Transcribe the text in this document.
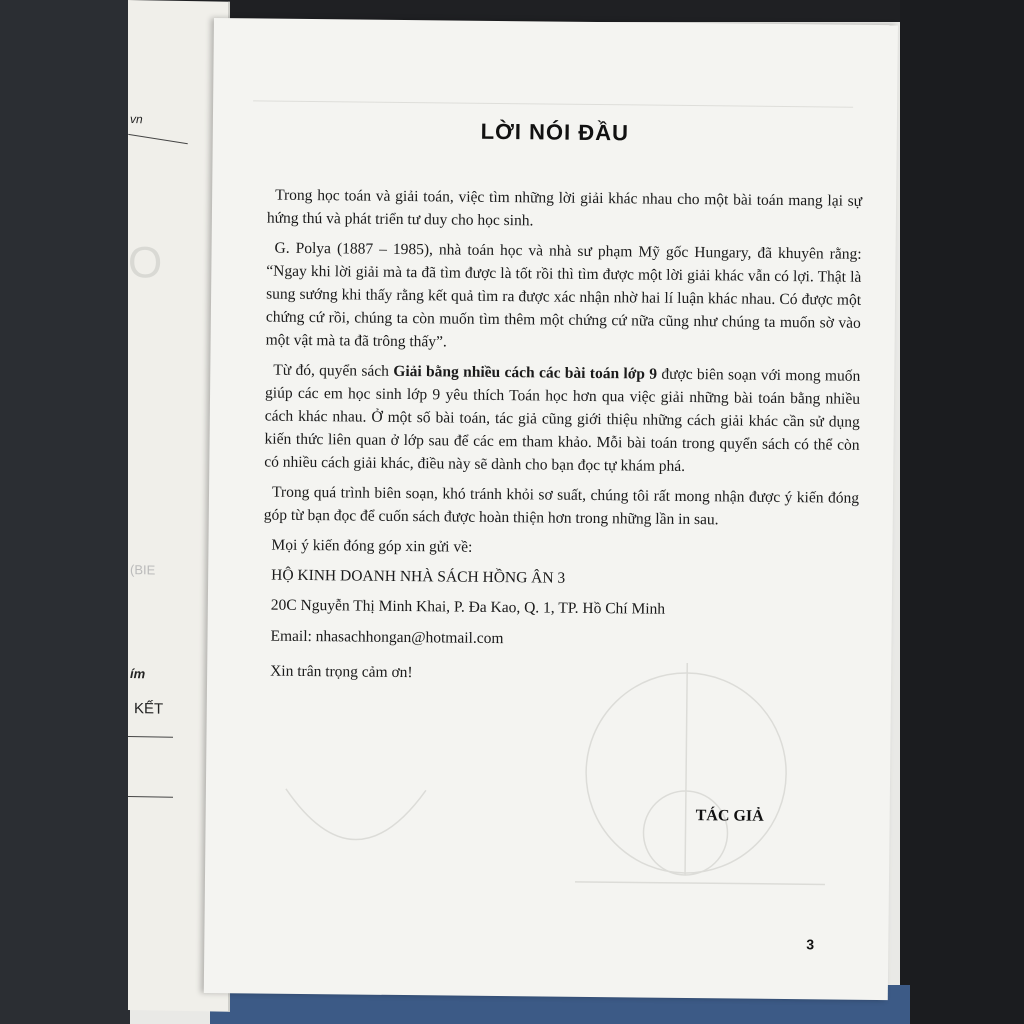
vn
O
(BIE
ím
KẾT
LỜI NÓI ĐẦU

Trong học toán và giải toán, việc tìm những lời giải khác nhau cho một bài toán mang lại sự hứng thú và phát triển tư duy cho học sinh.

G. Polya (1887 – 1985), nhà toán học và nhà sư phạm Mỹ gốc Hungary, đã khuyên rằng: “Ngay khi lời giải mà ta đã tìm được là tốt rồi thì tìm được một lời giải khác vẫn có lợi. Thật là sung sướng khi thấy rằng kết quả tìm ra được xác nhận nhờ hai lí luận khác nhau. Có được một chứng cứ rồi, chúng ta còn muốn tìm thêm một chứng cứ nữa cũng như chúng ta muốn sờ vào một vật mà ta đã trông thấy”.

Từ đó, quyển sách Giải bằng nhiều cách các bài toán lớp 9 được biên soạn với mong muốn giúp các em học sinh lớp 9 yêu thích Toán học hơn qua việc giải những bài toán bằng nhiều cách khác nhau. Ở một số bài toán, tác giả cũng giới thiệu những cách giải khác cần sử dụng kiến thức liên quan ở lớp sau để các em tham khảo. Mỗi bài toán trong quyển sách có thể còn có nhiều cách giải khác, điều này sẽ dành cho bạn đọc tự khám phá.

Trong quá trình biên soạn, khó tránh khỏi sơ suất, chúng tôi rất mong nhận được ý kiến đóng góp từ bạn đọc để cuốn sách được hoàn thiện hơn trong những lần in sau.

Mọi ý kiến đóng góp xin gửi về:

HỘ KINH DOANH NHÀ SÁCH HỒNG ÂN 3

20C Nguyễn Thị Minh Khai, P. Đa Kao, Q. 1, TP. Hồ Chí Minh

Email: nhasachhongan@hotmail.com

Xin trân trọng cảm ơn!

TÁC GIẢ
3
